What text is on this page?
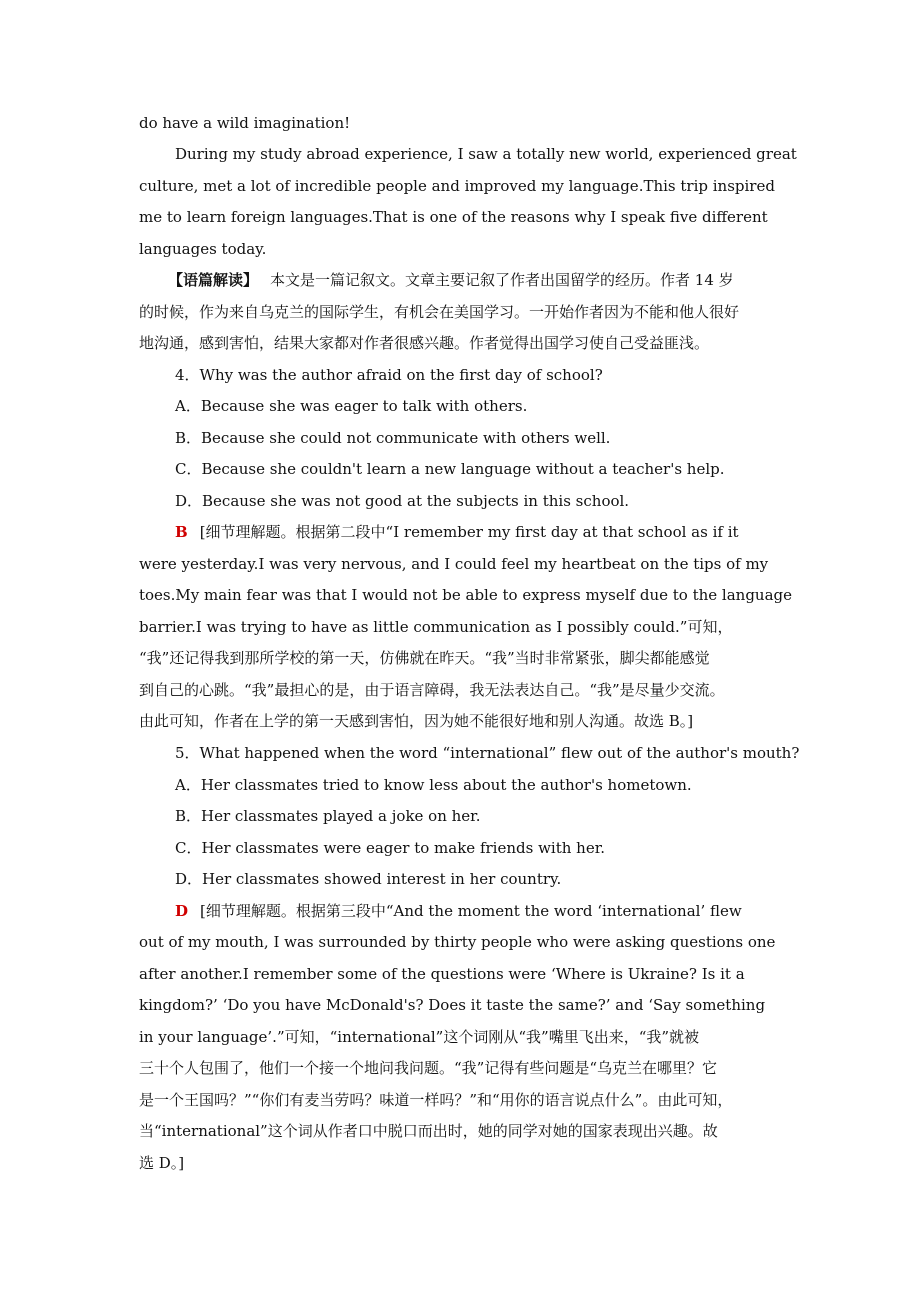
do have a wild imagination!
During my study abroad experience, I saw a totally new world, experienced great
culture, met a lot of incredible people and improved my language.This trip inspired
me to learn foreign languages.That is one of the reasons why I speak five different
languages today.
【语篇解读】 本文是一篇记叙文。文章主要记叙了作者出国留学的经历。作者 14 岁
的时候，作为来自乌克兰的国际学生，有机会在美国学习。一开始作者因为不能和他人很好
地沟通，感到害怕，结果大家都对作者很感兴趣。作者觉得出国学习使自己受益匪浅。
4．Why was the author afraid on the first day of school?
A．Because she was eager to talk with others.
B．Because she could not communicate with others well.
C．Because she couldn't learn a new language without a teacher's help.
D．Because she was not good at the subjects in this school.
B [细节理解题。根据第二段中“I remember my first day at that school as if it
were yesterday.I was very nervous, and I could feel my heartbeat on the tips of my
toes.My main fear was that I would not be able to express myself due to the language
barrier.I was trying to have as little communication as I possibly could.”可知，
“我”还记得我到那所学校的第一天，仿佛就在昨天。“我”当时非常紧张，脚尖都能感觉
到自己的心跳。“我”最担心的是，由于语言障碍，我无法表达自己。“我”是尽量少交流。
由此可知，作者在上学的第一天感到害怕，因为她不能很好地和别人沟通。故选 B。]
5．What happened when the word “international” flew out of the author's mouth?
A．Her classmates tried to know less about the author's hometown.
B．Her classmates played a joke on her.
C．Her classmates were eager to make friends with her.
D．Her classmates showed interest in her country.
D [细节理解题。根据第三段中“And the moment the word ‘international’ flew
out of my mouth, I was surrounded by thirty people who were asking questions one
after another.I remember some of the questions were ‘Where is Ukraine? Is it a
kingdom?’ ‘Do you have McDonald's? Does it taste the same?’ and ‘Say something
in your language’.”可知，“international”这个词刚从“我”嘴里飞出来，“我”就被
三十个人包围了，他们一个接一个地问我问题。“我”记得有些问题是“乌克兰在哪里？它
是一个王国吗？”“你们有麦当劳吗？味道一样吗？”和“用你的语言说点什么”。由此可知，
当“international”这个词从作者口中脱口而出时，她的同学对她的国家表现出兴趣。故
选 D。]
